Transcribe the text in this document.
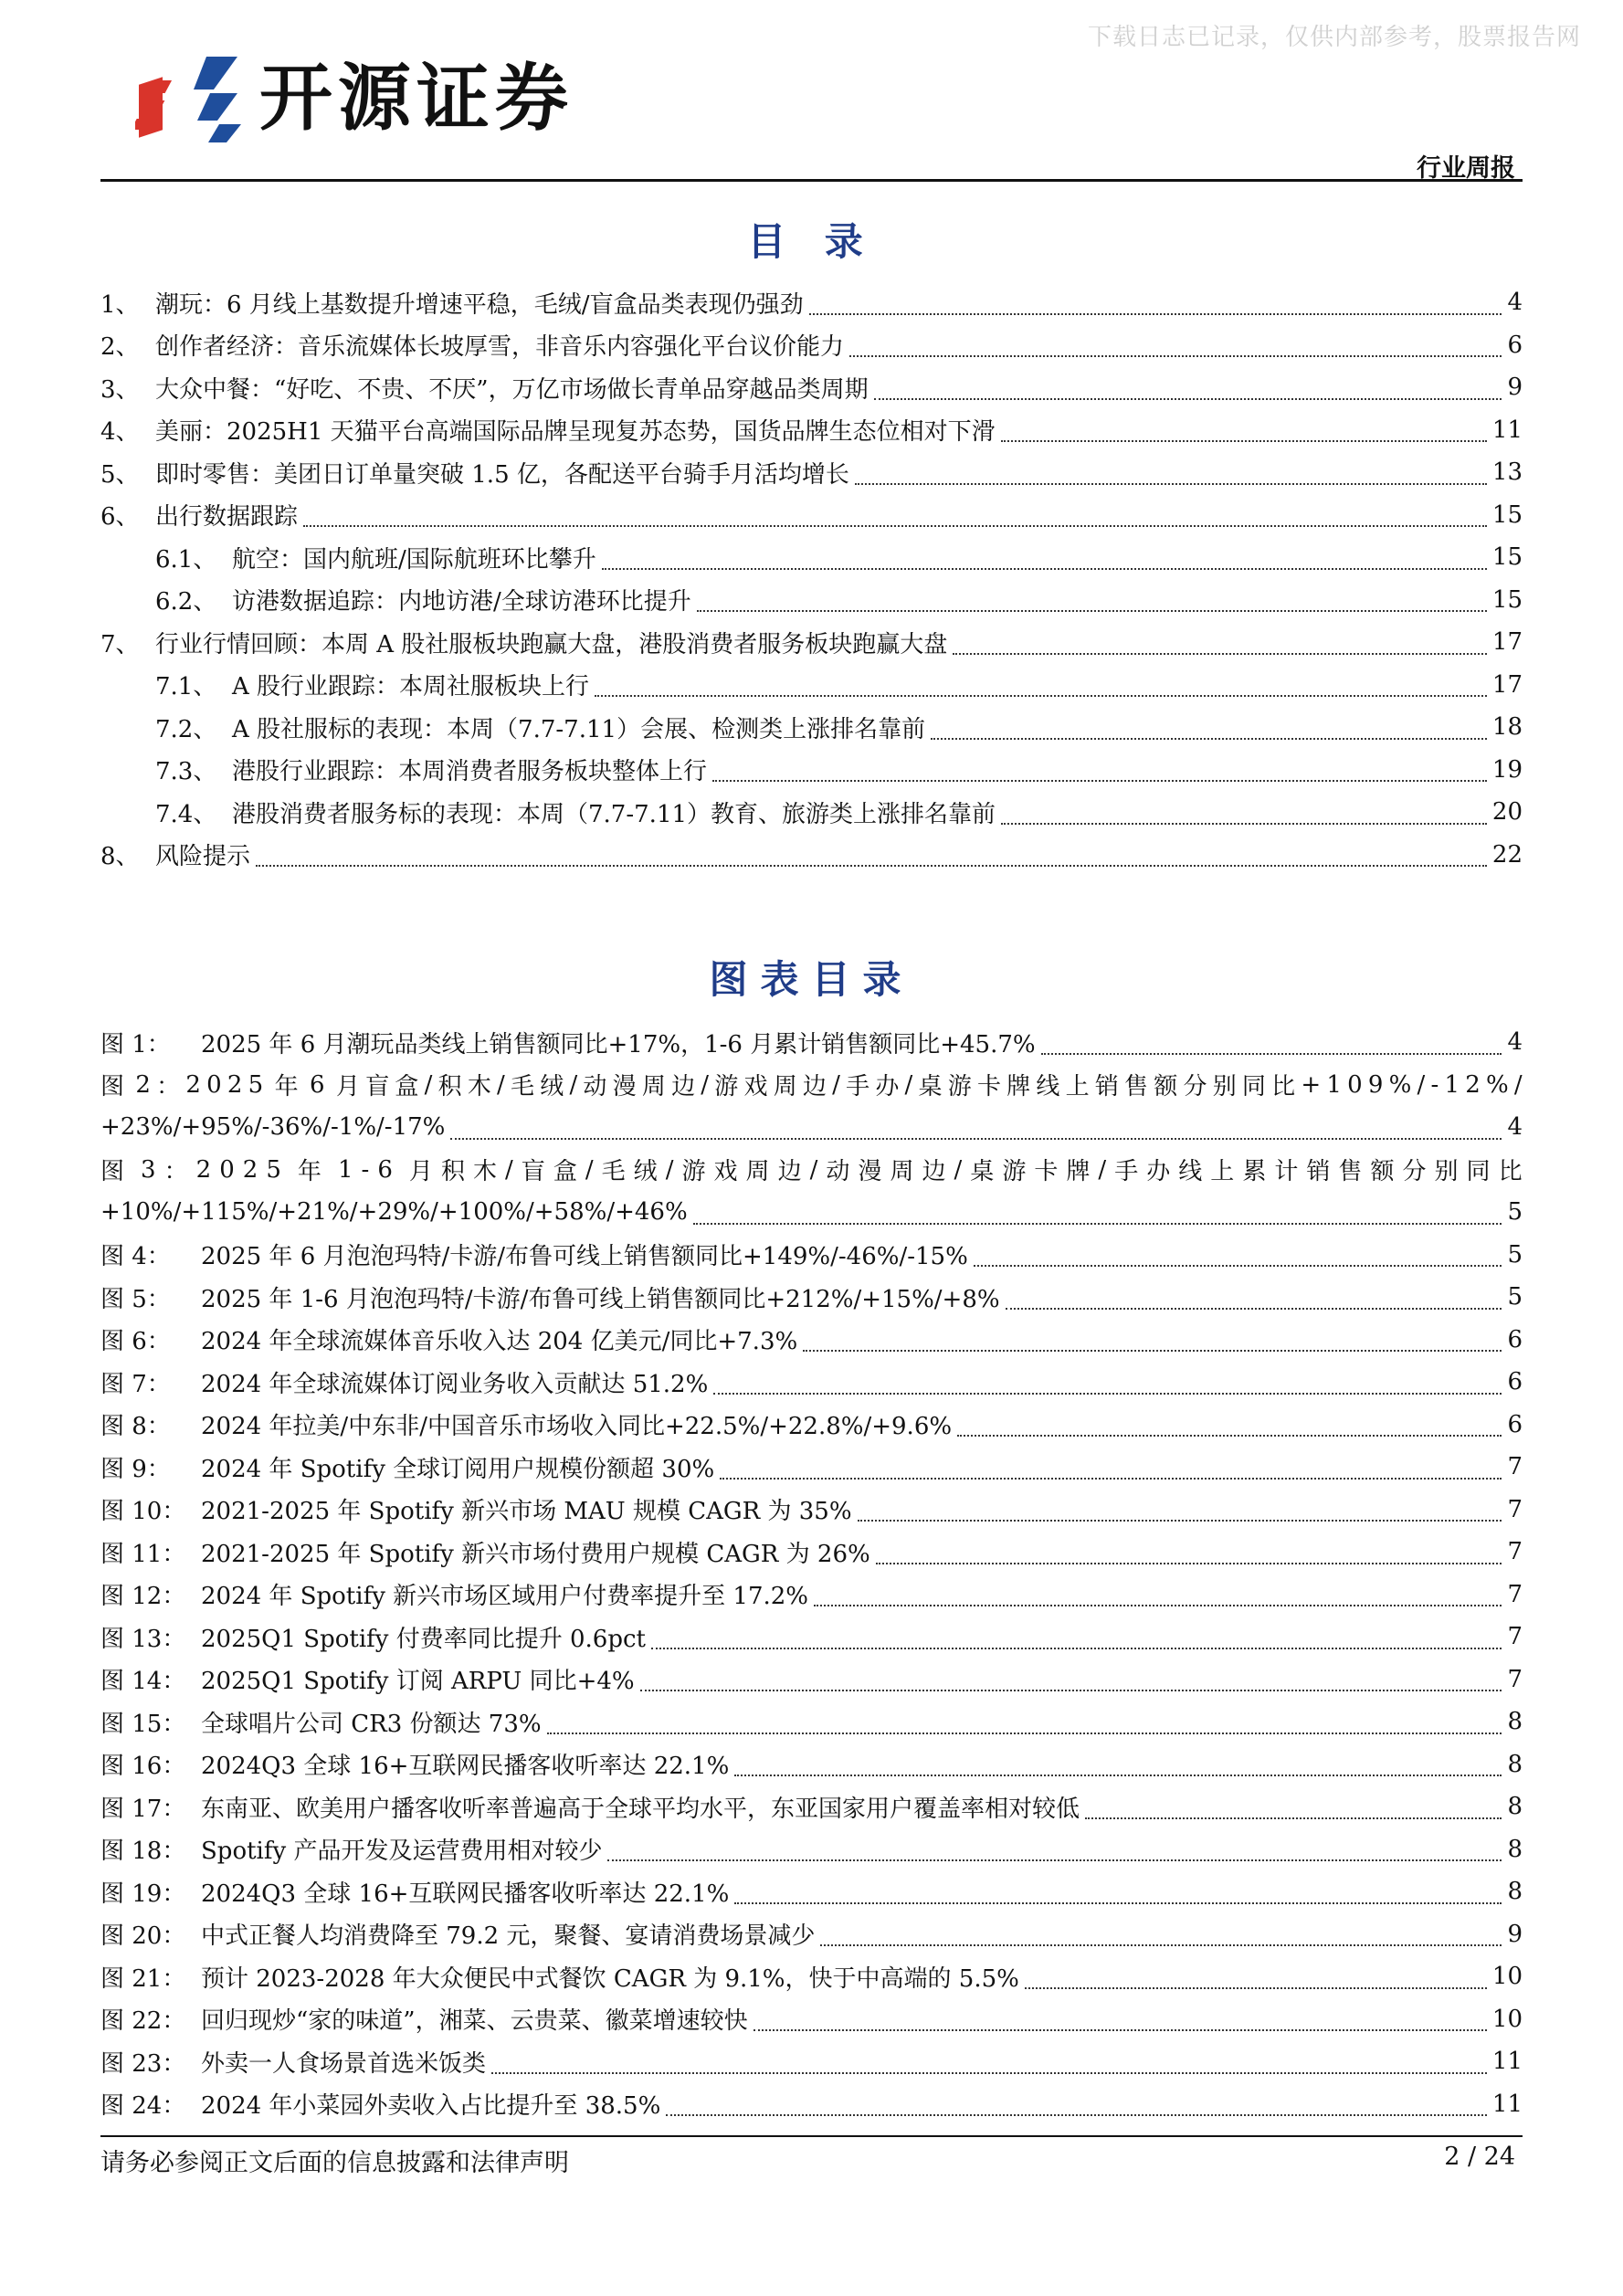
下载日志已记录，仅供内部参考，股票报告网
开源证券
行业周报
目 录
1、 潮玩：6 月线上基数提升增速平稳，毛绒/盲盒品类表现仍强劲	4
2、 创作者经济：音乐流媒体长坡厚雪，非音乐内容强化平台议价能力	6
3、 大众中餐：“好吃、不贵、不厌”，万亿市场做长青单品穿越品类周期	9
4、 美丽：2025H1 天猫平台高端国际品牌呈现复苏态势，国货品牌生态位相对下滑	11
5、 即时零售：美团日订单量突破 1.5 亿，各配送平台骑手月活均增长	13
6、 出行数据跟踪	15
6.1、 航空：国内航班/国际航班环比攀升	15
6.2、 访港数据追踪：内地访港/全球访港环比提升	15
7、 行业行情回顾：本周 A 股社服板块跑赢大盘，港股消费者服务板块跑赢大盘	17
7.1、 A 股行业跟踪：本周社服板块上行	17
7.2、 A 股社服标的表现：本周（7.7-7.11）会展、检测类上涨排名靠前	18
7.3、 港股行业跟踪：本周消费者服务板块整体上行	19
7.4、 港股消费者服务标的表现：本周（7.7-7.11）教育、旅游类上涨排名靠前	20
8、 风险提示	22
图表目录
图 1：	2025 年 6 月潮玩品类线上销售额同比+17%，1-6 月累计销售额同比+45.7%	4
图 2 ： 2 0 2 5 年 6 月 盲 盒 / 积 木 / 毛 绒 / 动 漫 周 边 / 游 戏 周 边 / 手 办 / 桌 游 卡 牌 线 上 销 售 额 分 别 同 比 + 1 0 9 % / - 1 2 % /
+23%/+95%/-36%/-1%/-17%	4
图 3 ： 2 0 2 5 年 1 - 6 月 积 木 / 盲 盒 / 毛 绒 / 游 戏 周 边 / 动 漫 周 边 / 桌 游 卡 牌 / 手 办 线 上 累 计 销 售 额 分 别 同 比
+10%/+115%/+21%/+29%/+100%/+58%/+46%	5
图 4：	2025 年 6 月泡泡玛特/卡游/布鲁可线上销售额同比+149%/-46%/-15%	5
图 5：	2025 年 1-6 月泡泡玛特/卡游/布鲁可线上销售额同比+212%/+15%/+8%	5
图 6：	2024 年全球流媒体音乐收入达 204 亿美元/同比+7.3%	6
图 7：	2024 年全球流媒体订阅业务收入贡献达 51.2%	6
图 8：	2024 年拉美/中东非/中国音乐市场收入同比+22.5%/+22.8%/+9.6%	6
图 9：	2024 年 Spotify 全球订阅用户规模份额超 30%	7
图 10： 2021-2025 年 Spotify 新兴市场 MAU 规模 CAGR 为 35%	7
图 11： 2021-2025 年 Spotify 新兴市场付费用户规模 CAGR 为 26%	7
图 12： 2024 年 Spotify 新兴市场区域用户付费率提升至 17.2%	7
图 13： 2025Q1 Spotify 付费率同比提升 0.6pct	7
图 14： 2025Q1 Spotify 订阅 ARPU 同比+4%	7
图 15： 全球唱片公司 CR3 份额达 73%	8
图 16： 2024Q3 全球 16+互联网民播客收听率达 22.1%	8
图 17： 东南亚、欧美用户播客收听率普遍高于全球平均水平，东亚国家用户覆盖率相对较低	8
图 18： Spotify 产品开发及运营费用相对较少	8
图 19： 2024Q3 全球 16+互联网民播客收听率达 22.1%	8
图 20： 中式正餐人均消费降至 79.2 元，聚餐、宴请消费场景减少	9
图 21： 预计 2023-2028 年大众便民中式餐饮 CAGR 为 9.1%，快于中高端的 5.5%	10
图 22： 回归现炒“家的味道”，湘菜、云贵菜、徽菜增速较快	10
图 23： 外卖一人食场景首选米饭类	11
图 24： 2024 年小菜园外卖收入占比提升至 38.5%	11
请务必参阅正文后面的信息披露和法律声明	2 / 24
